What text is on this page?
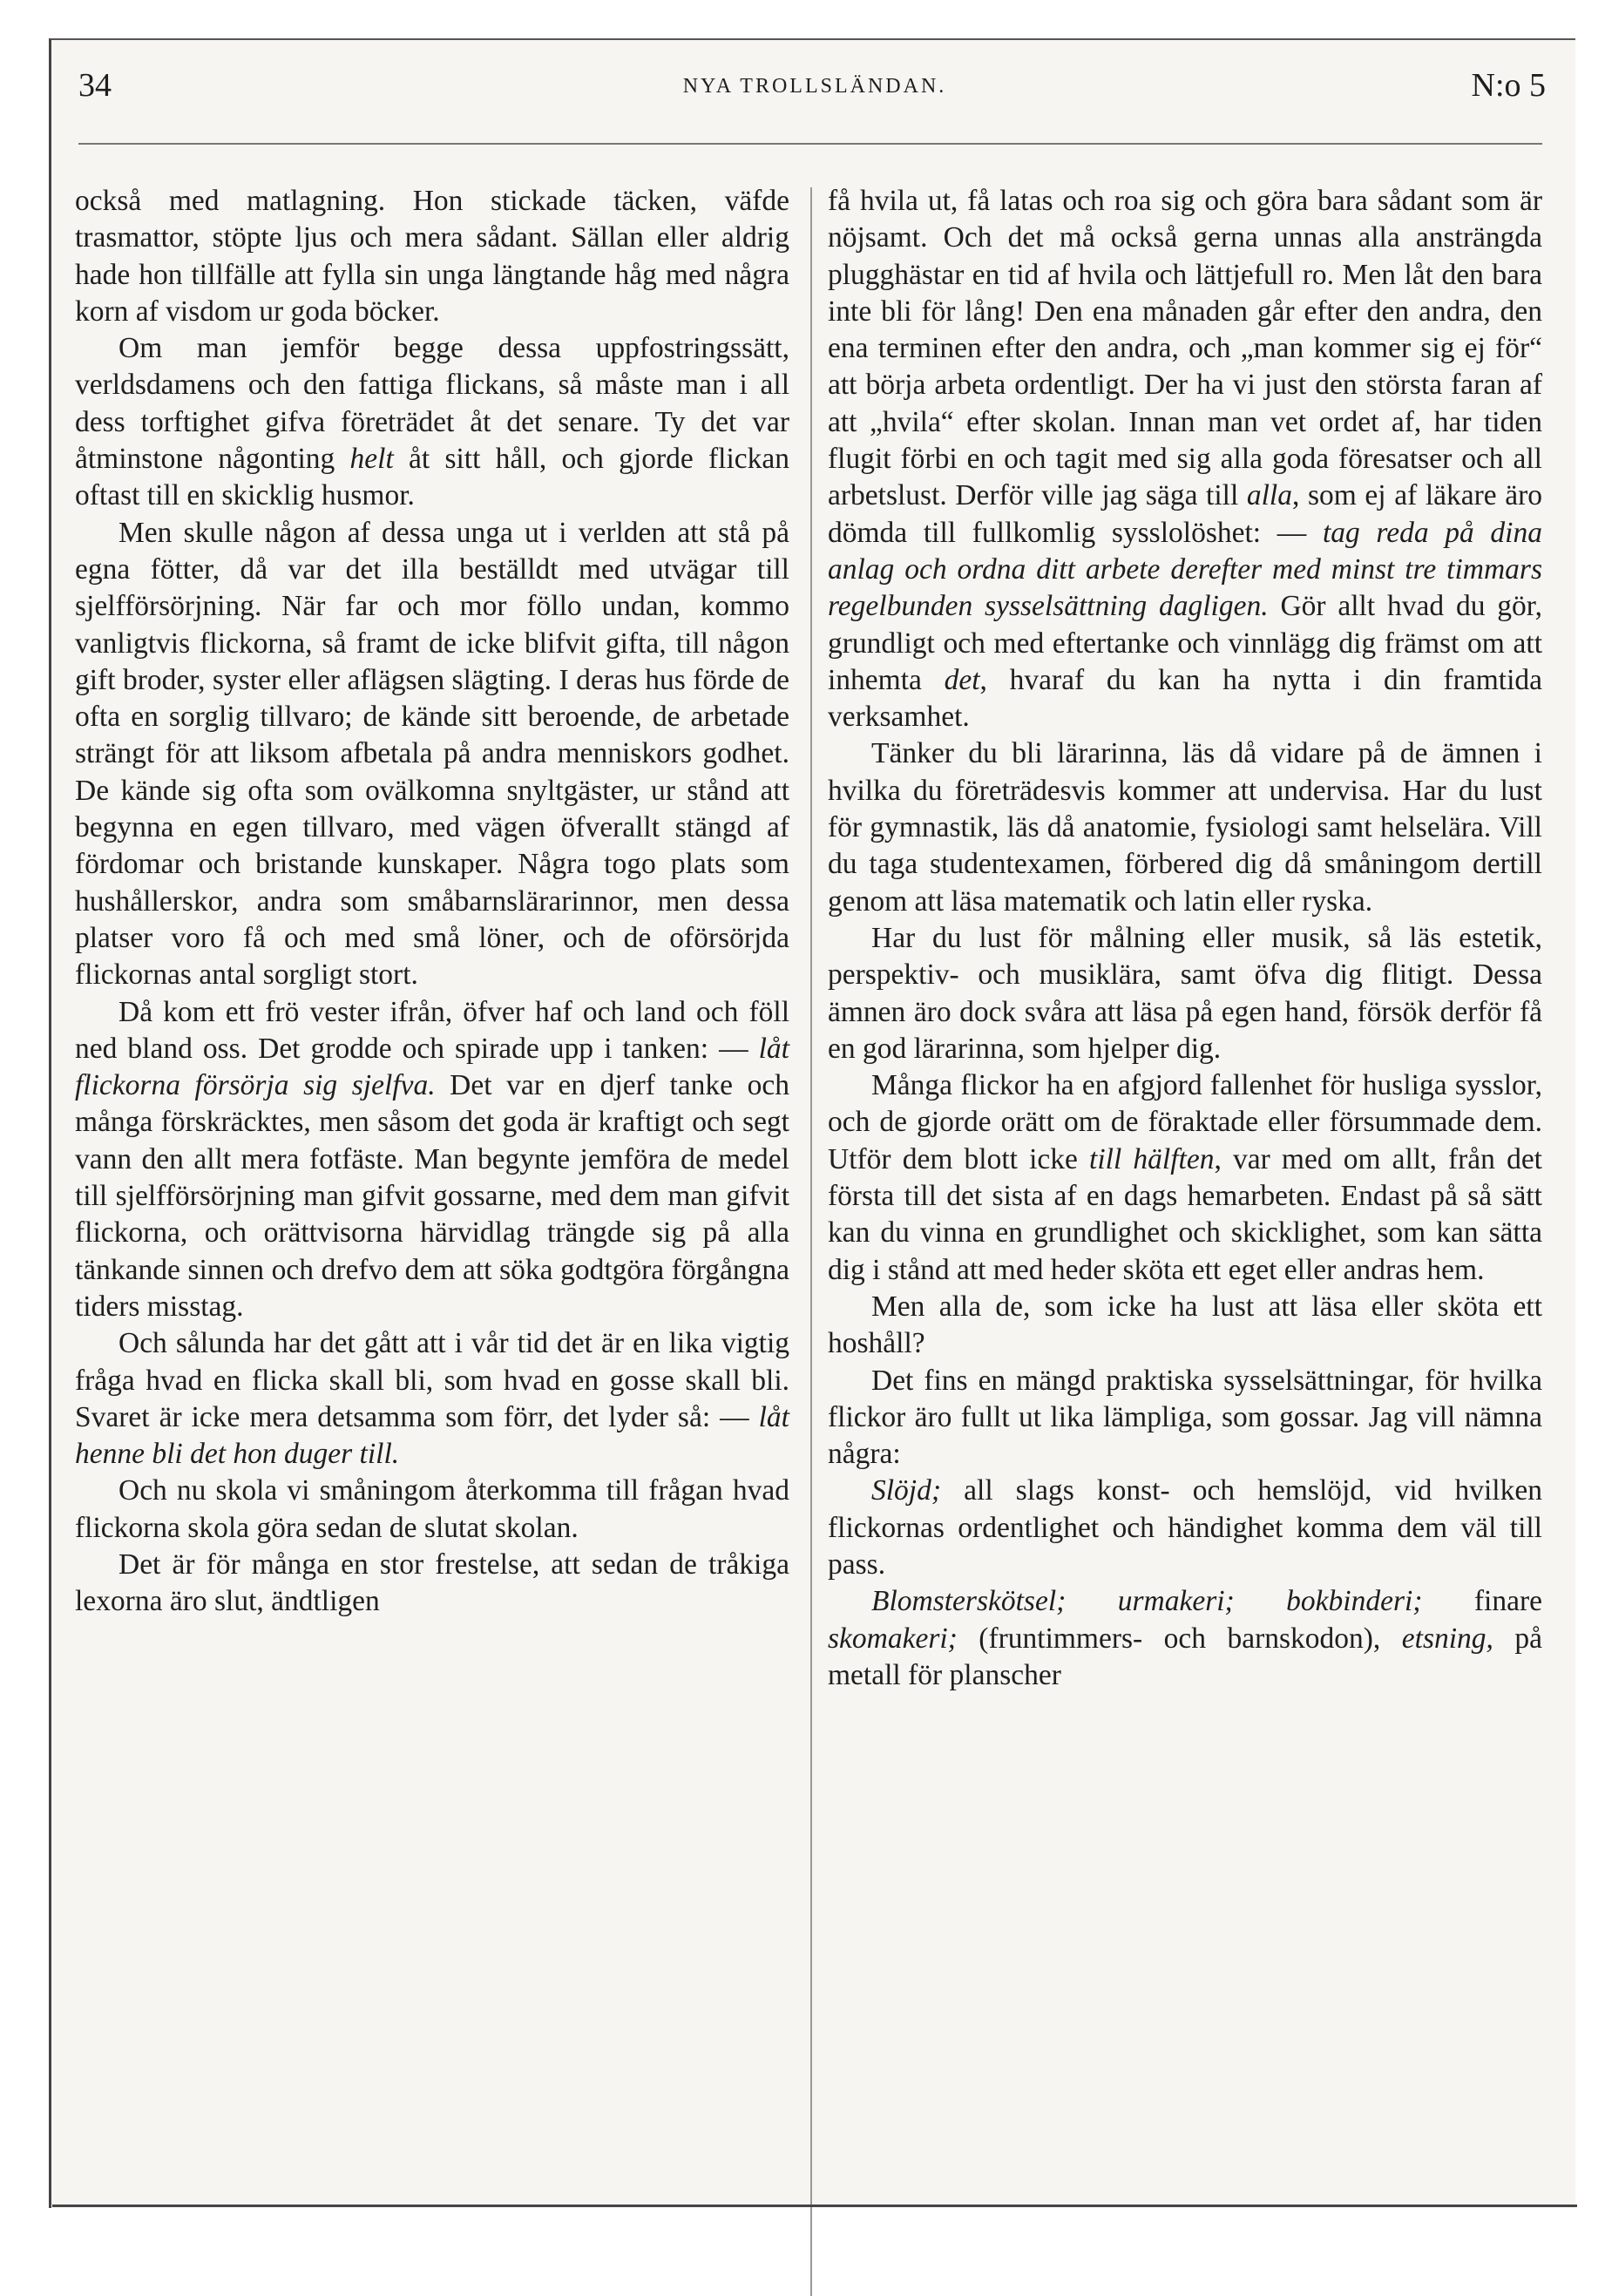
34	NYA TROLLSLÄNDAN.	N:o 5

också med matlagning. Hon stickade täcken, väfde trasmattor, stöpte ljus och mera sådant. Sällan eller aldrig hade hon tillfälle att fylla sin unga längtande håg med några korn af visdom ur goda böcker.

Om man jemför begge dessa uppfostringssätt, verldsdamens och den fattiga flickans, så måste man i all dess torftighet gifva företrädet åt det senare. Ty det var åtminstone någonting helt åt sitt håll, och gjorde flickan oftast till en skicklig husmor.

Men skulle någon af dessa unga ut i verlden att stå på egna fötter, då var det illa beställdt med utvägar till sjelfförsörjning. När far och mor föllo undan, kommo vanligtvis flickorna, så framt de icke blifvit gifta, till någon gift broder, syster eller aflägsen slägting. I deras hus förde de ofta en sorglig tillvaro; de kände sitt beroende, de arbetade strängt för att liksom afbetala på andra menniskors godhet. De kände sig ofta som ovälkomna snyltgäster, ur stånd att begynna en egen tillvaro, med vägen öfverallt stängd af fördomar och bristande kunskaper. Några togo plats som hushållerskor, andra som småbarnslärarinnor, men dessa platser voro få och med små löner, och de oförsörjda flickornas antal sorgligt stort.

Då kom ett frö vester ifrån, öfver haf och land och föll ned bland oss. Det grodde och spirade upp i tanken: — låt flickorna försörja sig sjelfva. Det var en djerf tanke och många förskräcktes, men såsom det goda är kraftigt och segt vann den allt mera fotfäste. Man begynte jemföra de medel till sjelfförsörjning man gifvit gossarne, med dem man gifvit flickorna, och orättvisorna härvidlag trängde sig på alla tänkande sinnen och drefvo dem att söka godtgöra förgångna tiders misstag.

Och sålunda har det gått att i vår tid det är en lika vigtig fråga hvad en flicka skall bli, som hvad en gosse skall bli. Svaret är icke mera detsamma som förr, det lyder så: — låt henne bli det hon duger till.

Och nu skola vi småningom återkomma till frågan hvad flickorna skola göra sedan de slutat skolan.

Det är för många en stor frestelse, att sedan de tråkiga lexorna äro slut, ändtligen

få hvila ut, få latas och roa sig och göra bara sådant som är nöjsamt. Och det må också gerna unnas alla ansträngda plugghästar en tid af hvila och lättjefull ro. Men låt den bara inte bli för lång! Den ena månaden går efter den andra, den ena terminen efter den andra, och „man kommer sig ej för“ att börja arbeta ordentligt. Der ha vi just den största faran af att „hvila“ efter skolan. Innan man vet ordet af, har tiden flugit förbi en och tagit med sig alla goda föresatser och all arbetslust. Derför ville jag säga till alla, som ej af läkare äro dömda till fullkomlig sysslolöshet: — tag reda på dina anlag och ordna ditt arbete derefter med minst tre timmars regelbunden sysselsättning dagligen. Gör allt hvad du gör, grundligt och med eftertanke och vinnlägg dig främst om att inhemta det, hvaraf du kan ha nytta i din framtida verksamhet.

Tänker du bli lärarinna, läs då vidare på de ämnen i hvilka du företrädesvis kommer att undervisa. Har du lust för gymnastik, läs då anatomie, fysiologi samt helselära. Vill du taga studentexamen, förbered dig då småningom dertill genom att läsa matematik och latin eller ryska.

Har du lust för målning eller musik, så läs estetik, perspektiv- och musiklära, samt öfva dig flitigt. Dessa ämnen äro dock svåra att läsa på egen hand, försök derför få en god lärarinna, som hjelper dig.

Många flickor ha en afgjord fallenhet för husliga sysslor, och de gjorde orätt om de föraktade eller försummade dem. Utför dem blott icke till hälften, var med om allt, från det första till det sista af en dags hemarbeten. Endast på så sätt kan du vinna en grundlighet och skicklighet, som kan sätta dig i stånd att med heder sköta ett eget eller andras hem.

Men alla de, som icke ha lust att läsa eller sköta ett hoshåll?

Det fins en mängd praktiska sysselsättningar, för hvilka flickor äro fullt ut lika lämpliga, som gossar. Jag vill nämna några:

Slöjd; all slags konst- och hemslöjd, vid hvilken flickornas ordentlighet och händighet komma dem väl till pass.

Blomsterskötsel; urmakeri; bokbinderi; finare skomakeri; (fruntimmers- och barnskodon), etsning, på metall för planscher
